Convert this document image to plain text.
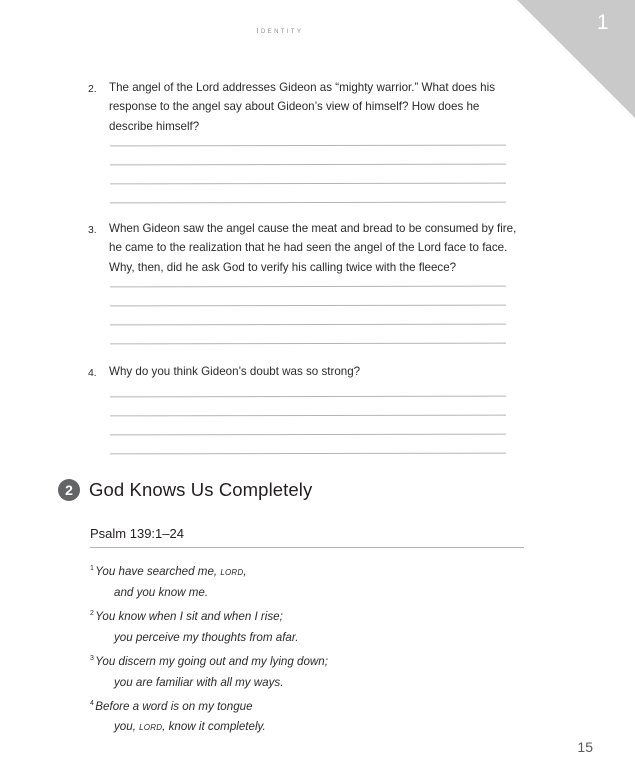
1
identity
2.	The angel of the Lord addresses Gideon as “mighty warrior.” What does his response to the angel say about Gideon’s view of himself? How does he describe himself?
3.	When Gideon saw the angel cause the meat and bread to be consumed by fire, he came to the realization that he had seen the angel of the Lord face to face. Why, then, did he ask God to verify his calling twice with the fleece?
4.	Why do you think Gideon’s doubt was so strong?
2 God Knows Us Completely
Psalm 139:1–24
$^1$You have searched me, lord,
and you know me.
$^2$You know when I sit and when I rise;
you perceive my thoughts from afar.
$^3$You discern my going out and my lying down;
you are familiar with all my ways.
$^4$Before a word is on my tongue
you, lord, know it completely.
15
